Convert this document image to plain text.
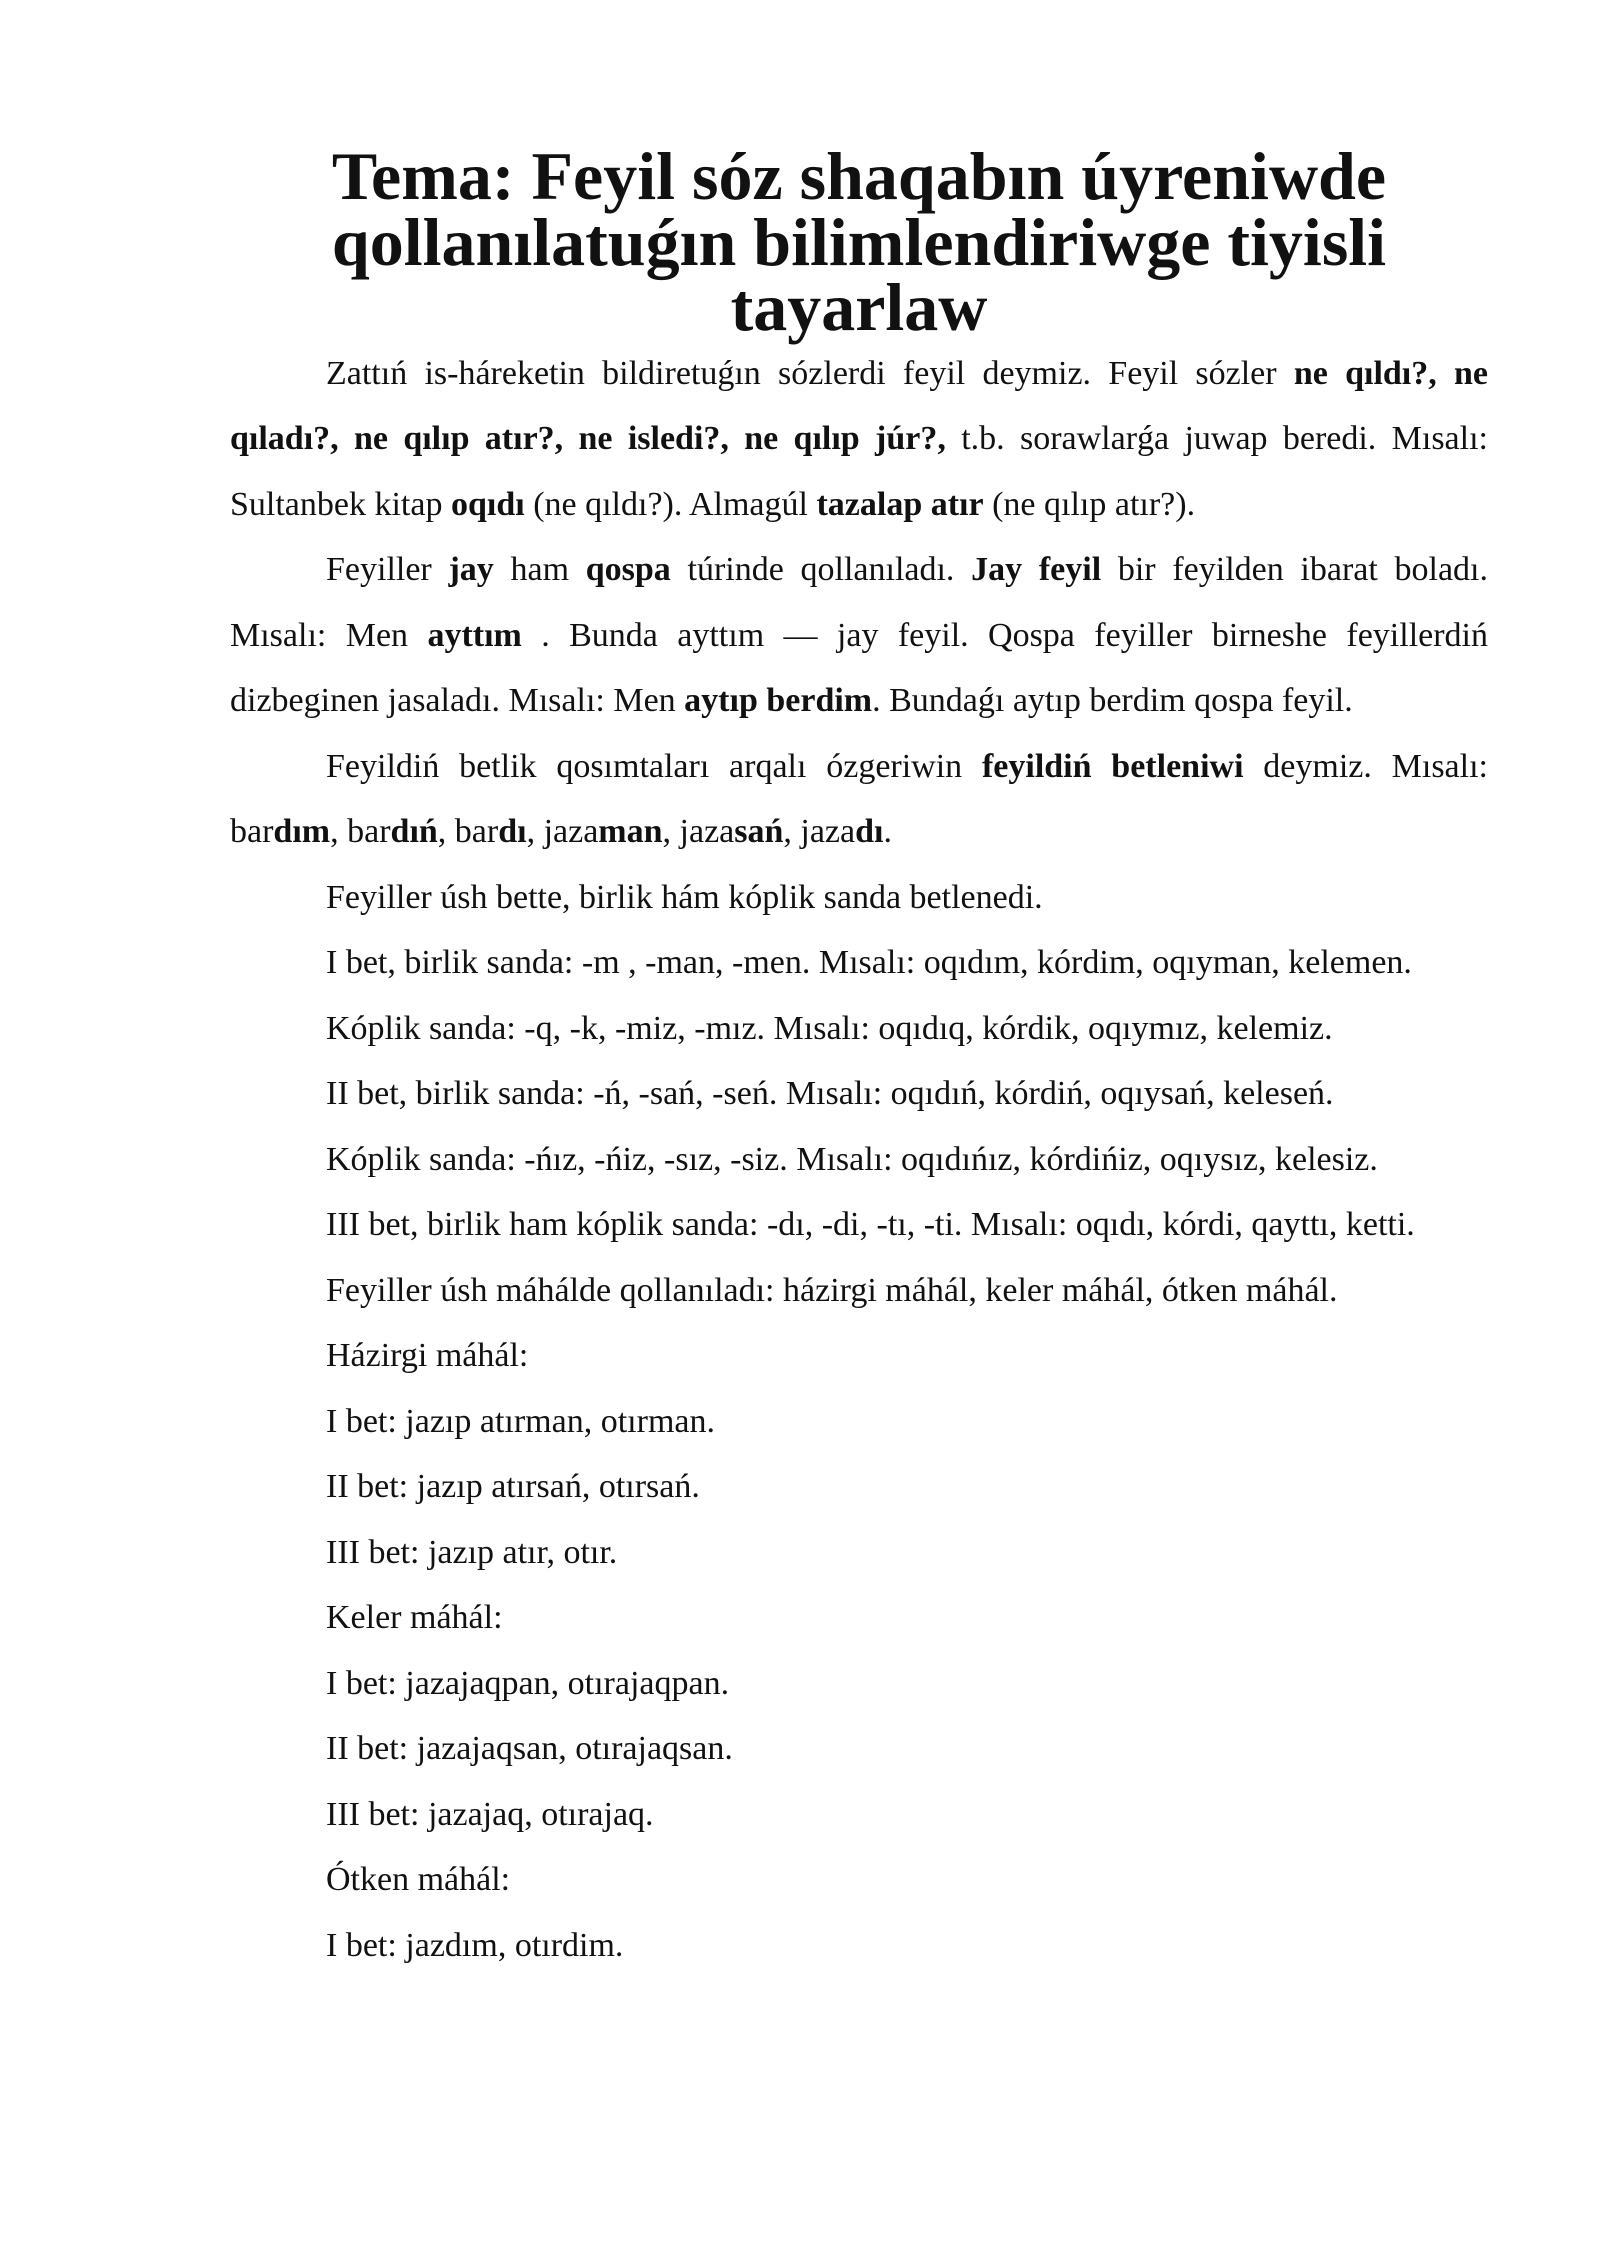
Tema: Feyil sóz shaqabın úyreniwde qollanılatuǵın bilimlendiriwge tiyisli
tayarlaw

Zattıń is-háreketin bildiretuǵın sózlerdi feyil deymiz. Feyil sózler ne qıldı?, ne qıladı?, ne qılıp atır?, ne isledi?, ne qılıp júr?, t.b. sorawlarǵa juwap beredi. Mısalı: Sultanbek kitap oqıdı (ne qıldı?). Almagúl tazalap atır (ne qılıp atır?).

Feyiller jay ham qospa túrinde qollanıladı. Jay feyil bir feyilden ibarat boladı. Mısalı: Men ayttım . Bunda ayttım — jay feyil. Qospa feyiller birneshe feyillerdiń dizbeginen jasaladı. Mısalı: Men aytıp berdim. Bundaǵı aytıp berdim qospa feyil.

Feyildiń betlik qosımtaları arqalı ózgeriwin feyildiń betleniwi deymiz. Mısalı: bardım, bardıń, bardı, jazaman, jazasań, jazadı.

Feyiller úsh bette, birlik hám kóplik sanda betlenedi.

I bet, birlik sanda: -m , -man, -men. Mısalı: oqıdım, kórdim, oqıyman, kelemen.

Kóplik sanda: -q, -k, -miz, -mız. Mısalı: oqıdıq, kórdik, oqıymız, kelemiz.

II bet, birlik sanda: -ń, -sań, -seń. Mısalı: oqıdıń, kórdiń, oqıysań, keleseń.

Kóplik sanda: -ńız, -ńiz, -sız, -siz. Mısalı: oqıdıńız, kórdińiz, oqıysız, kelesiz.

III bet, birlik ham kóplik sanda: -dı, -di, -tı, -ti. Mısalı: oqıdı, kórdi, qayttı, ketti.

Feyiller úsh máhálde qollanıladı: házirgi máhál, keler máhál, ótken máhál.

Házirgi máhál:

I bet: jazıp atırman, otırman.

II bet: jazıp atırsań, otırsań.

III bet: jazıp atır, otır.

Keler máhál:

I bet: jazajaqpan, otırajaqpan.

II bet: jazajaqsan, otırajaqsan.

III bet: jazajaq, otırajaq.

Ótken máhál:

I bet: jazdım, otırdim.
